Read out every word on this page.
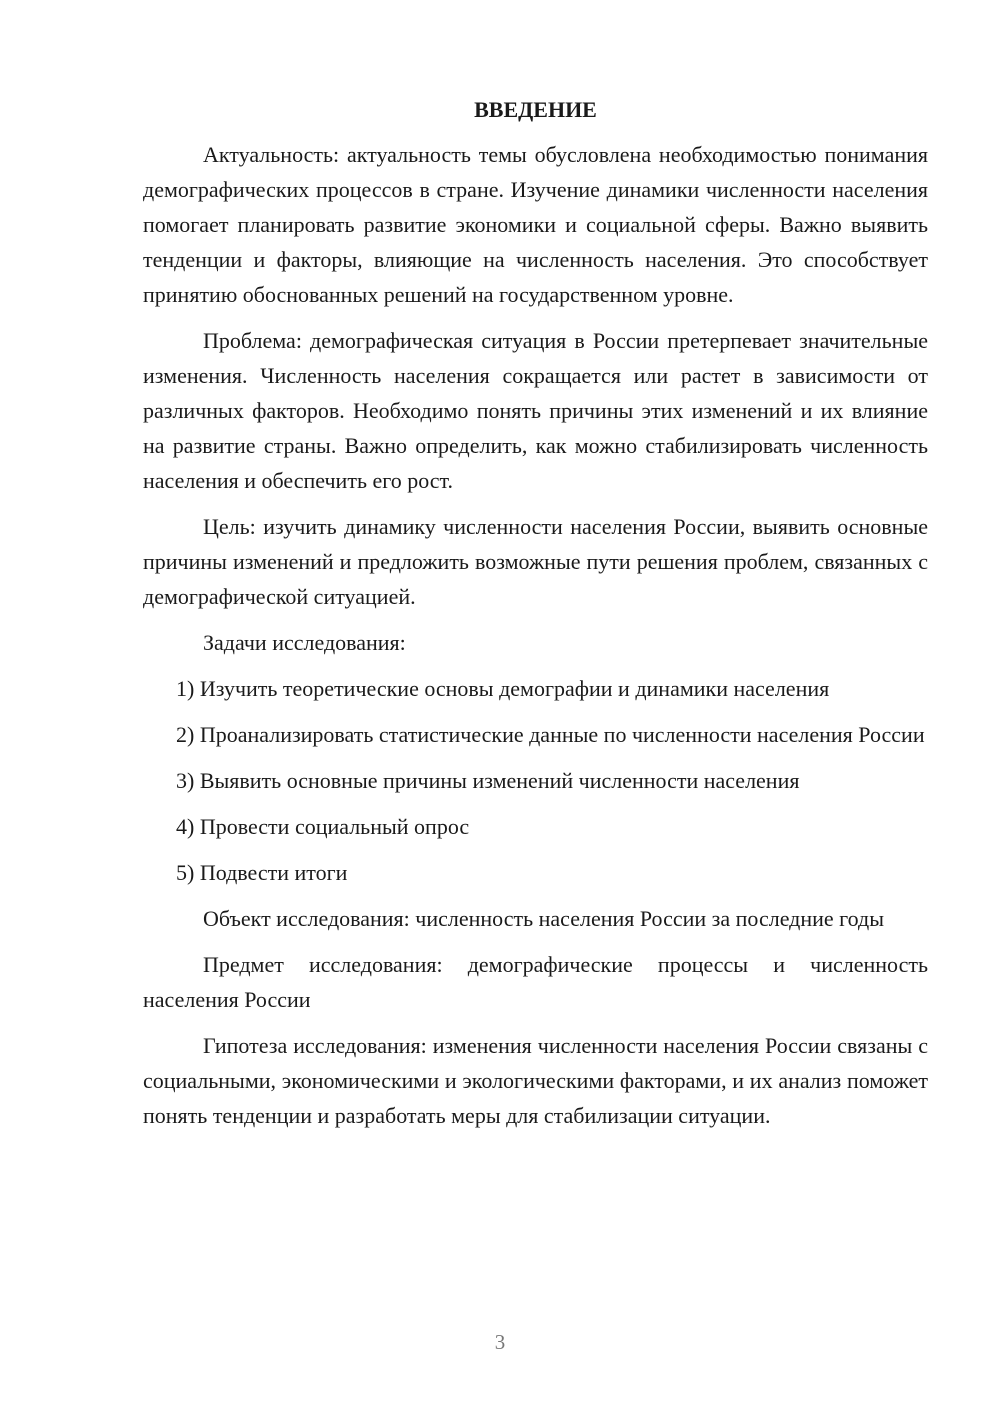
ВВЕДЕНИЕ

Актуальность: актуальность темы обусловлена необходимостью понимания демографических процессов в стране. Изучение динамики численности населения помогает планировать развитие экономики и социальной сферы. Важно выявить тенденции и факторы, влияющие на численность населения. Это способствует принятию обоснованных решений на государственном уровне.

Проблема: демографическая ситуация в России претерпевает значительные изменения. Численность населения сокращается или растет в зависимости от различных факторов. Необходимо понять причины этих изменений и их влияние на развитие страны. Важно определить, как можно стабилизировать численность населения и обеспечить его рост.

Цель: изучить динамику численности населения России, выявить основные причины изменений и предложить возможные пути решения проблем, связанных с демографической ситуацией.

Задачи исследования:

1) Изучить теоретические основы демографии и динамики населения

2) Проанализировать статистические данные по численности населения России

3) Выявить основные причины изменений численности населения

4) Провести социальный опрос

5) Подвести итоги

Объект исследования: численность населения России за последние годы

Предмет исследования: демографические процессы и численность населения России

Гипотеза исследования: изменения численности населения России связаны с социальными, экономическими и экологическими факторами, и их анализ поможет понять тенденции и разработать меры для стабилизации ситуации.

3
